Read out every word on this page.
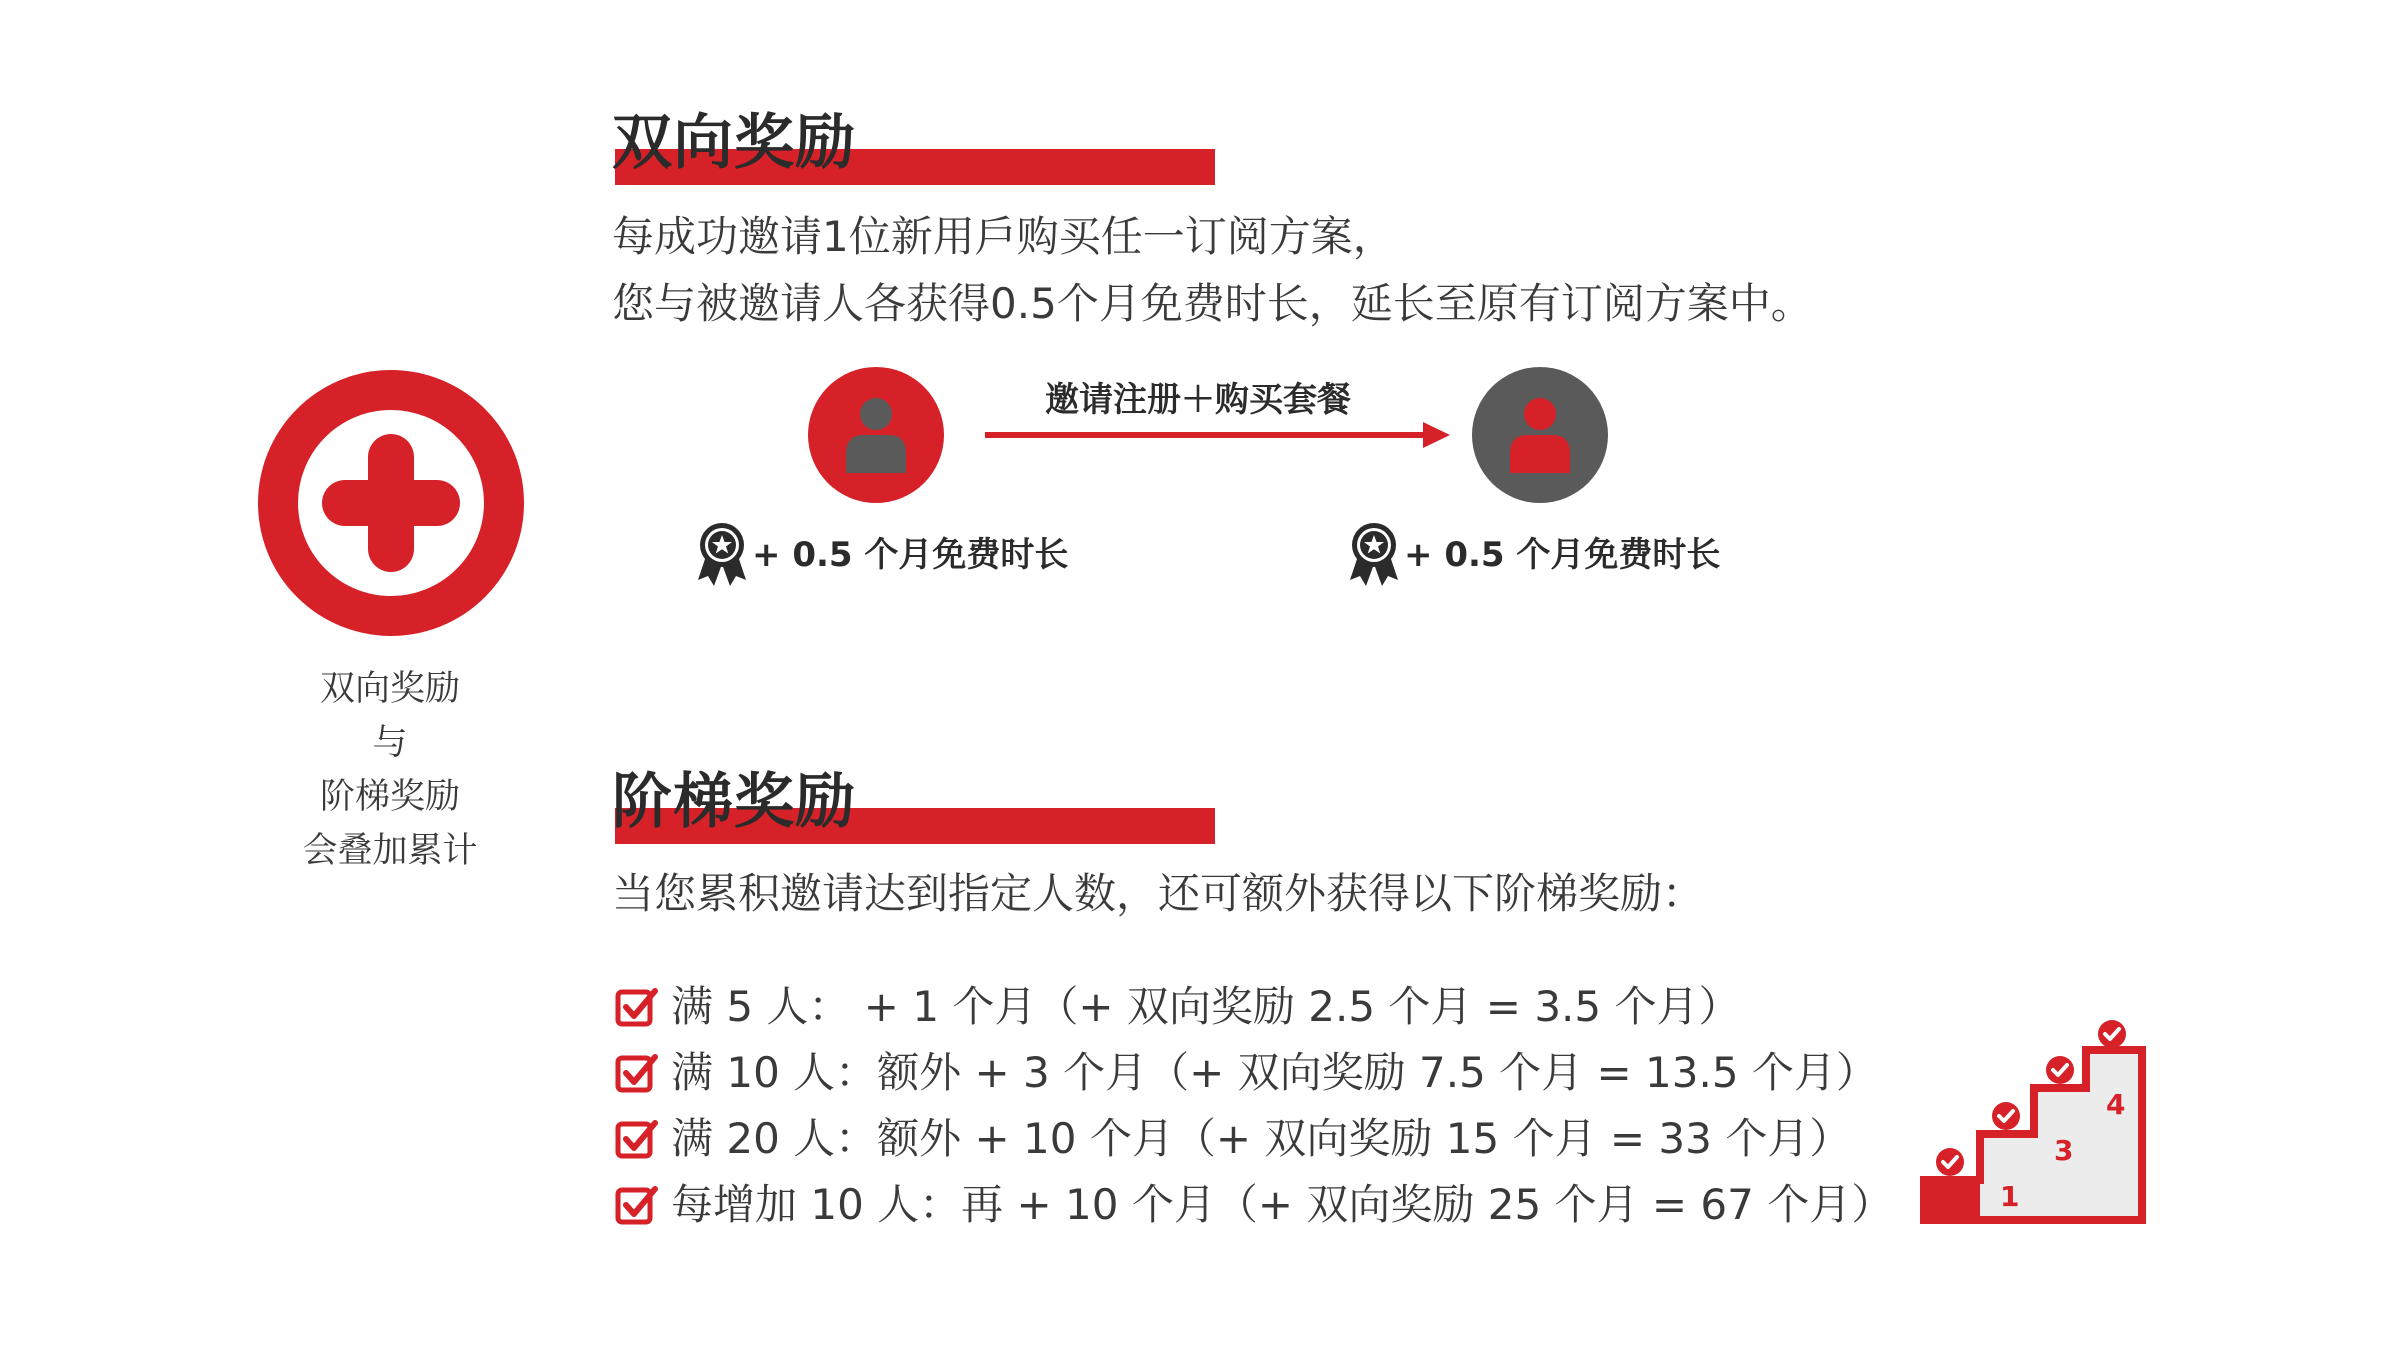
双向奖励
与
阶梯奖励
会叠加累计
双向奖励
每成功邀请1位新用戶购买任一订阅方案，
您与被邀请人各获得0.5个月免费时长，延长至原有订阅方案中。
邀请注册＋购买套餐
+ 0.5 个月免费时长	+ 0.5 个月免费时长
阶梯奖励
当您累积邀请达到指定人数，还可额外获得以下阶梯奖励：
满 5 人： + 1 个月（+ 双向奖励 2.5 个月 = 3.5 个月）
满 10 人：额外 + 3 个月（+ 双向奖励 7.5 个月 = 13.5 个月）
满 20 人：额外 + 10 个月（+ 双向奖励 15 个月 = 33 个月）
每增加 10 人：再 + 10 个月（+ 双向奖励 25 个月 = 67 个月）	1
3
4
